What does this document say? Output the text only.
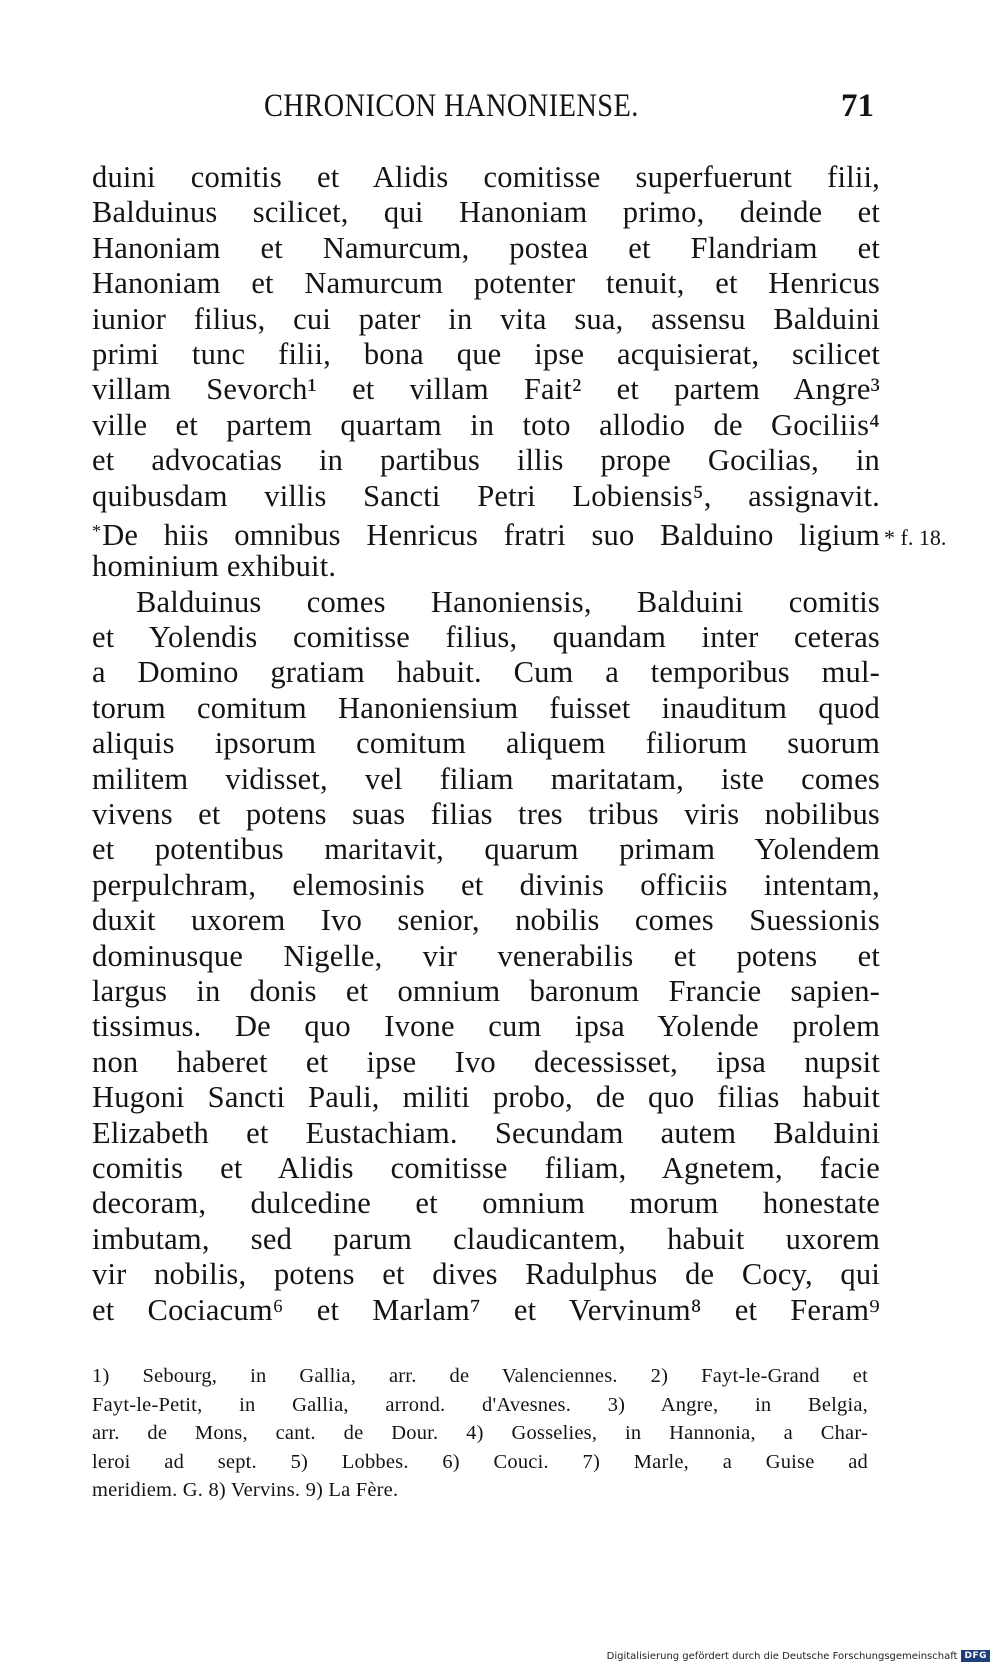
CHRONICON HANONIENSE.	71
duini comitis et Alidis comitisse superfuerunt filii,
Balduinus scilicet, qui Hanoniam primo, deinde et
Hanoniam et Namurcum, postea et Flandriam et
Hanoniam et Namurcum potenter tenuit, et Henricus
iunior filius, cui pater in vita sua, assensu Balduini
primi tunc filii, bona que ipse acquisierat, scilicet
villam Sevorch¹ et villam Fait² et partem Angre³
ville et partem quartam in toto allodio de Gociliis⁴
et advocatias in partibus illis prope Gocilias, in
quibusdam villis Sancti Petri Lobiensis⁵, assignavit.
*De hiis omnibus Henricus fratri suo Balduino ligium
hominium exhibuit.
Balduinus comes Hanoniensis, Balduini comitis
et Yolendis comitisse filius, quandam inter ceteras
a Domino gratiam habuit. Cum a temporibus mul-
torum comitum Hanoniensium fuisset inauditum quod
aliquis ipsorum comitum aliquem filiorum suorum
militem vidisset, vel filiam maritatam, iste comes
vivens et potens suas filias tres tribus viris nobilibus
et potentibus maritavit, quarum primam Yolendem
perpulchram, elemosinis et divinis officiis intentam,
duxit uxorem Ivo senior, nobilis comes Suessionis
dominusque Nigelle, vir venerabilis et potens et
largus in donis et omnium baronum Francie sapien-
tissimus. De quo Ivone cum ipsa Yolende prolem
non haberet et ipse Ivo decessisset, ipsa nupsit
Hugoni Sancti Pauli, militi probo, de quo filias habuit
Elizabeth et Eustachiam. Secundam autem Balduini
comitis et Alidis comitisse filiam, Agnetem, facie
decoram, dulcedine et omnium morum honestate
imbutam, sed parum claudicantem, habuit uxorem
vir nobilis, potens et dives Radulphus de Cocy, qui
et Cociacum⁶ et Marlam⁷ et Vervinum⁸ et Feram⁹
* f. 18.
1) Sebourg, in Gallia, arr. de Valenciennes. 2) Fayt-le-Grand et
Fayt-le-Petit, in Gallia, arrond. d'Avesnes. 3) Angre, in Belgia,
arr. de Mons, cant. de Dour. 4) Gosselies, in Hannonia, a Char-
leroi ad sept. 5) Lobbes. 6) Couci. 7) Marle, a Guise ad
meridiem. G. 8) Vervins. 9) La Fère.
Digitalisierung gefördert durch die Deutsche Forschungsgemeinschaft DFG
